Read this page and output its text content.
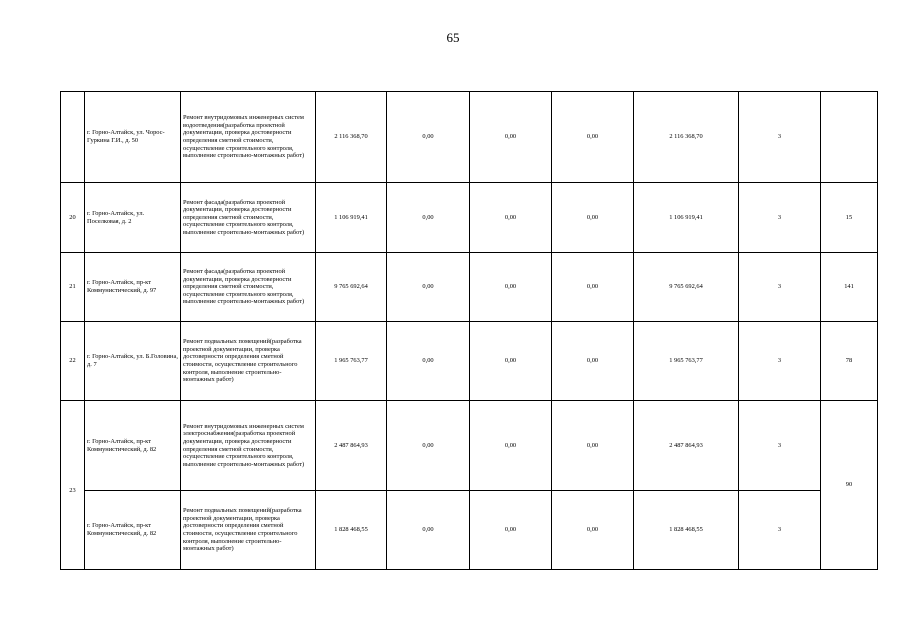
65
	г. Горно-Алтайск, ул. Чорос-Гуркина Г.И., д. 50	Ремонт внутридомовых инженерных систем водоотведения(разработка проектной документации, проверка достоверности определения сметной стоимости, осуществление строительного контроля, выполнение строительно-монтажных работ)	2 116 368,70	0,00	0,00	0,00	2 116 368,70	3	
20	г. Горно-Алтайск, ул. Поселковая, д. 2	Ремонт фасада(разработка проектной документации, проверка достоверности определения сметной стоимости, осуществление строительного контроля, выполнение строительно-монтажных работ)	1 106 919,41	0,00	0,00	0,00	1 106 919,41	3	15
21	г. Горно-Алтайск, пр-кт Коммунистический, д. 97	Ремонт фасада(разработка проектной документации, проверка достоверности определения сметной стоимости, осуществление строительного контроля, выполнение строительно-монтажных работ)	9 765 692,64	0,00	0,00	0,00	9 765 692,64	3	141
22	г. Горно-Алтайск, ул. Б.Головина, д. 7	Ремонт подвальных помещений(разработка проектной документации, проверка достоверности определения сметной стоимости, осуществление строительного контроля, выполнение строительно-монтажных работ)	1 965 763,77	0,00	0,00	0,00	1 965 763,77	3	78
23	г. Горно-Алтайск, пр-кт Коммунистический, д. 82	Ремонт внутридомовых инженерных систем электроснабжения(разработка проектной документации, проверка достоверности определения сметной стоимости, осуществление строительного контроля, выполнение строительно-монтажных работ)	2 487 864,93	0,00	0,00	0,00	2 487 864,93	3	90
	г. Горно-Алтайск, пр-кт Коммунистический, д. 82	Ремонт подвальных помещений(разработка проектной документации, проверка достоверности определения сметной стоимости, осуществление строительного контроля, выполнение строительно-монтажных работ)	1 828 468,55	0,00	0,00	0,00	1 828 468,55	3	
